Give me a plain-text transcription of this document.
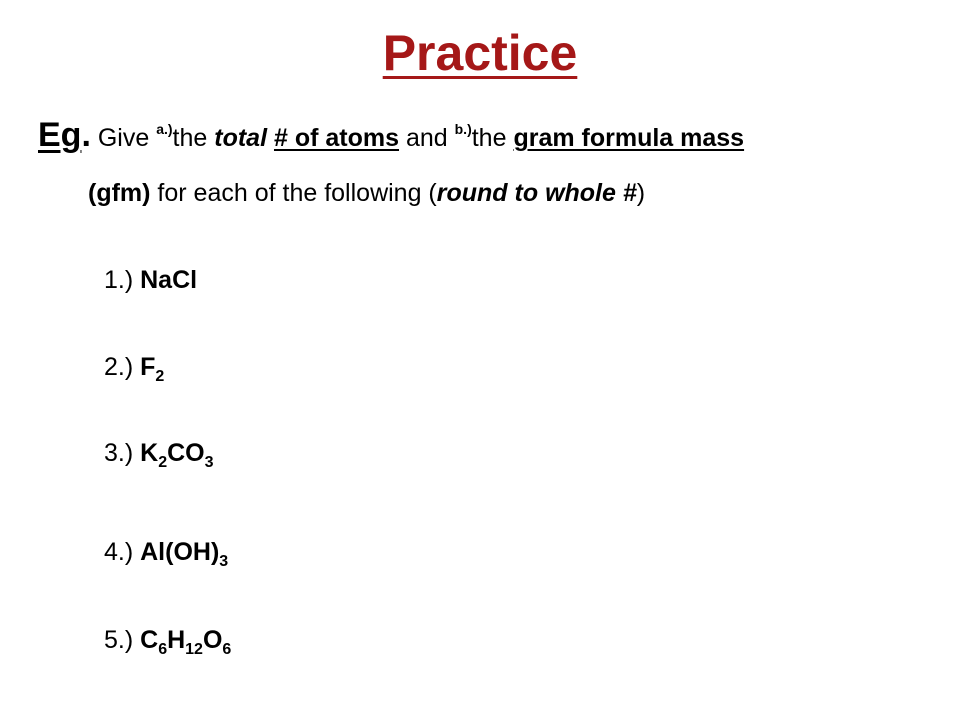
Practice
Eg. Give $^{a.)}$the total # of atoms and $^{b.)}$the gram formula mass
(gfm) for each of the following (round to whole #)
1.) NaCl
2.) $F_2$
3.) $K_2CO_3$
4.) $Al(OH)_3$
5.) $C_6H_{12}O_6$
